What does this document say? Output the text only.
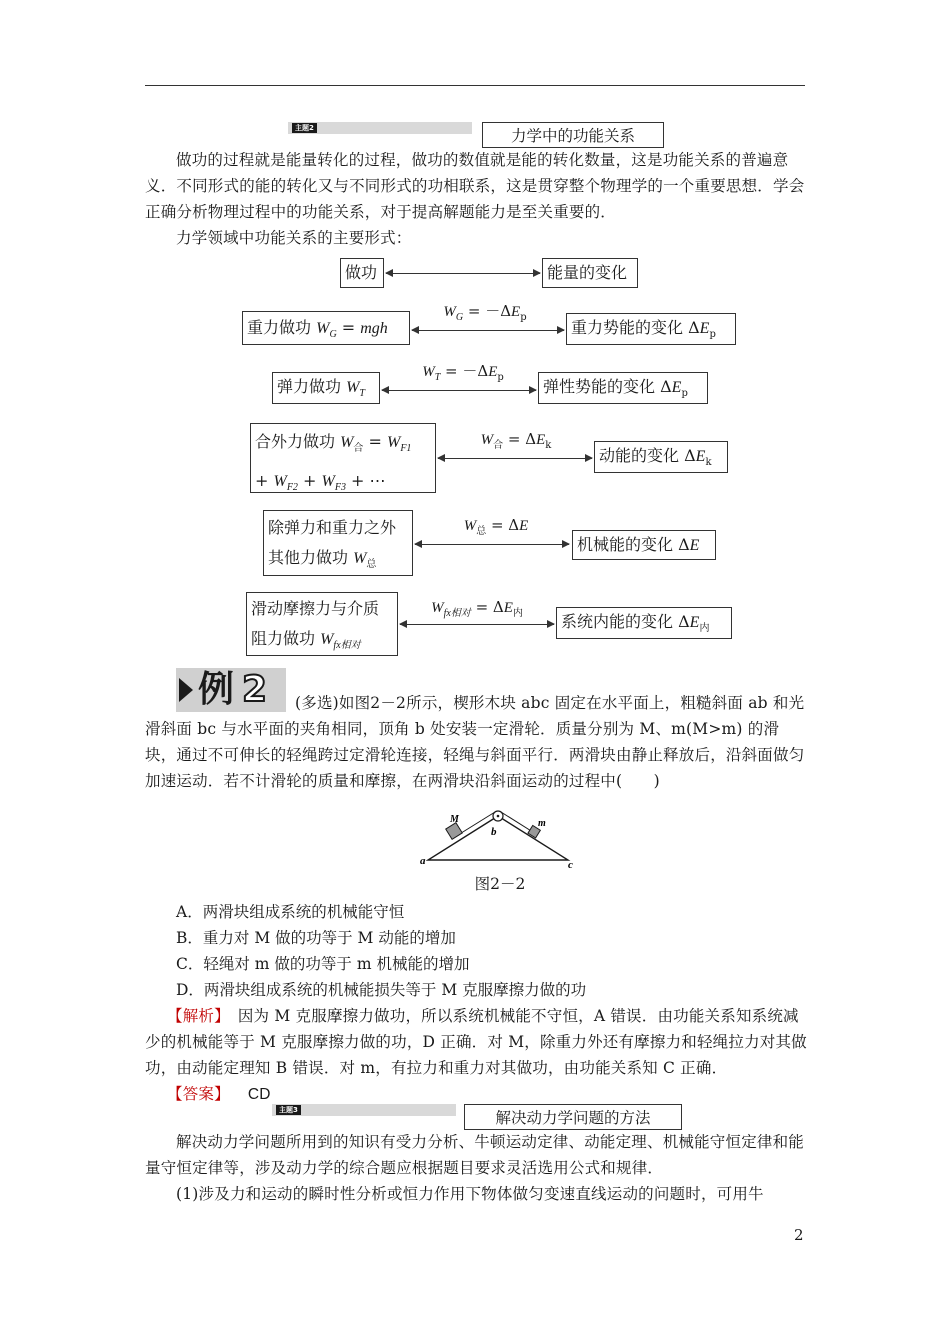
主题2	力学中的功能关系
做功的过程就是能量转化的过程，做功的数值就是能的转化数量，这是功能关系的普遍意义．不同形式的能的转化又与不同形式的功相联系，这是贯穿整个物理学的一个重要思想．学会正确分析物理过程中的功能关系，对于提高解题能力是至关重要的．
力学领域中功能关系的主要形式：
做功	能量的变化
重力做功 $W_G$ = mgh
$W_G = -\Delta E_p$
重力势能的变化 $\Delta E_p$
弹力做功 $W_T$
$W_T = -\Delta E_p$	弹性势能的变化 $\Delta E_p$
合外力做功 $W_合 = W_{F1}$
+ $W_{F2} + W_{F3}$ + ⋯
$W_合 = \Delta E_k$
动能的变化 $\Delta E_k$
除弹力和重力之外
其他力做功 $W_总$
$W_总 = \Delta E$
机械能的变化 ΔE
滑动摩擦力与介质
阻力做功 $W_{fx相对}$
$W_{fx相对} = \Delta E_内$	系统内能的变化 $\Delta E_内$
例 2	(多选)如图2－2所示，楔形木块 abc 固定在水平面上，粗糙斜面 ab 和光滑斜面 bc 与水平面的夹角相同，顶角 b 处安装一定滑轮．质量分别为 M、m(M>m) 的滑块，通过不可伸长的轻绳跨过定滑轮连接，轻绳与斜面平行．两滑块由静止释放后，沿斜面做匀加速运动．若不计滑轮的质量和摩擦，在两滑块沿斜面运动的过程中(　　)
a
b
c
M	m
图2－2
A．两滑块组成系统的机械能守恒
B．重力对 M 做的功等于 M 动能的增加
C．轻绳对 m 做的功等于 m 机械能的增加
D．两滑块组成系统的机械能损失等于 M 克服摩擦力做的功
【解析】 因为 M 克服摩擦力做功，所以系统机械能不守恒，A 错误．由功能关系知系统减少的机械能等于 M 克服摩擦力做的功，D 正确．对 M，除重力外还有摩擦力和轻绳拉力对其做功，由动能定理知 B 错误．对 m，有拉力和重力对其做功，由功能关系知 C 正确．
【答案】 CD
主题3	解决动力学问题的方法
解决动力学问题所用到的知识有受力分析、牛顿运动定律、动能定理、机械能守恒定律和能量守恒定律等，涉及动力学的综合题应根据题目要求灵活选用公式和规律．
(1)涉及力和运动的瞬时性分析或恒力作用下物体做匀变速直线运动的问题时，可用牛
2
